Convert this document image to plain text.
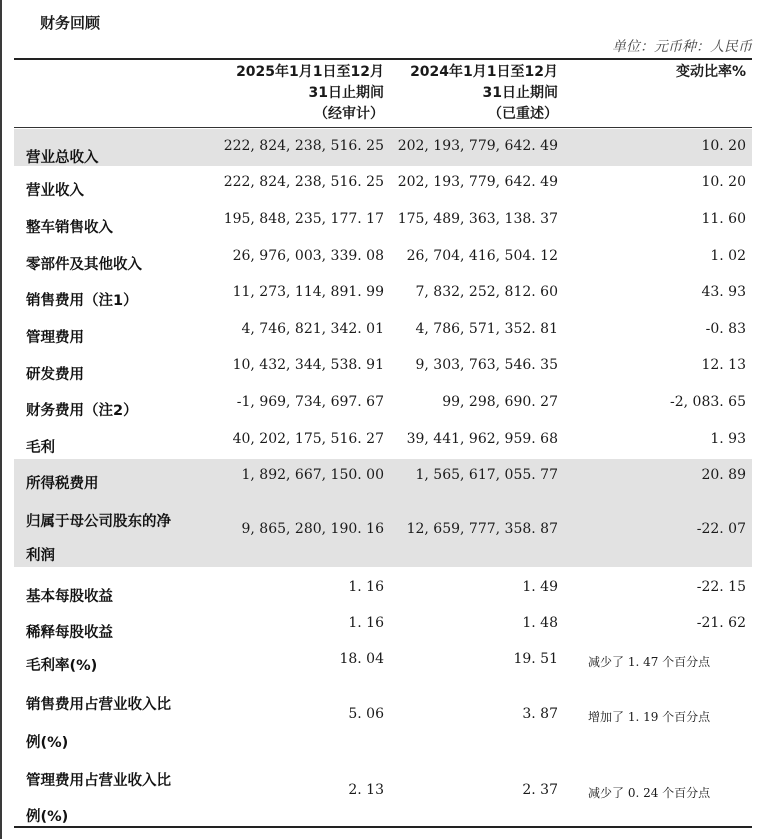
财务回顾
单位：元币种：人民币
2025年1月1日至12月
31日止期间
（经审计）
2024年1月1日至12月
31日止期间
（已重述）
变动比率%
营业总收入
222, 824, 238, 516. 25 202, 193, 779, 642. 49	10. 20
营业收入
222, 824, 238, 516. 25 202, 193, 779, 642. 49	10. 20
整车销售收入
195, 848, 235, 177. 17 175, 489, 363, 138. 37	11. 60
零部件及其他收入
26, 976, 003, 339. 08 26, 704, 416, 504. 12	1. 02
销售费用（注1）
11, 273, 114, 891. 99 7, 832, 252, 812. 60	43. 93
管理费用
4, 746, 821, 342. 01 4, 786, 571, 352. 81	-0. 83
研发费用
10, 432, 344, 538. 91 9, 303, 763, 546. 35	12. 13
财务费用（注2）
-1, 969, 734, 697. 67	99, 298, 690. 27	-2, 083. 65
毛利
40, 202, 175, 516. 27 39, 441, 962, 959. 68	1. 93
所得税费用
1, 892, 667, 150. 00 1, 565, 617, 055. 77	20. 89
归属于母公司股东的净
利润
9, 865, 280, 190. 16 12, 659, 777, 358. 87	-22. 07
基本每股收益
1. 16	1. 49	-22. 15
稀释每股收益
1. 16	1. 48	-21. 62
毛利率(%)	18. 04	19. 51	减少了 1. 47 个百分点
销售费用占营业收入比
例(%)
5. 06	3. 87	增加了 1. 19 个百分点
管理费用占营业收入比
例(%)
2. 13	2. 37	减少了 0. 24 个百分点
